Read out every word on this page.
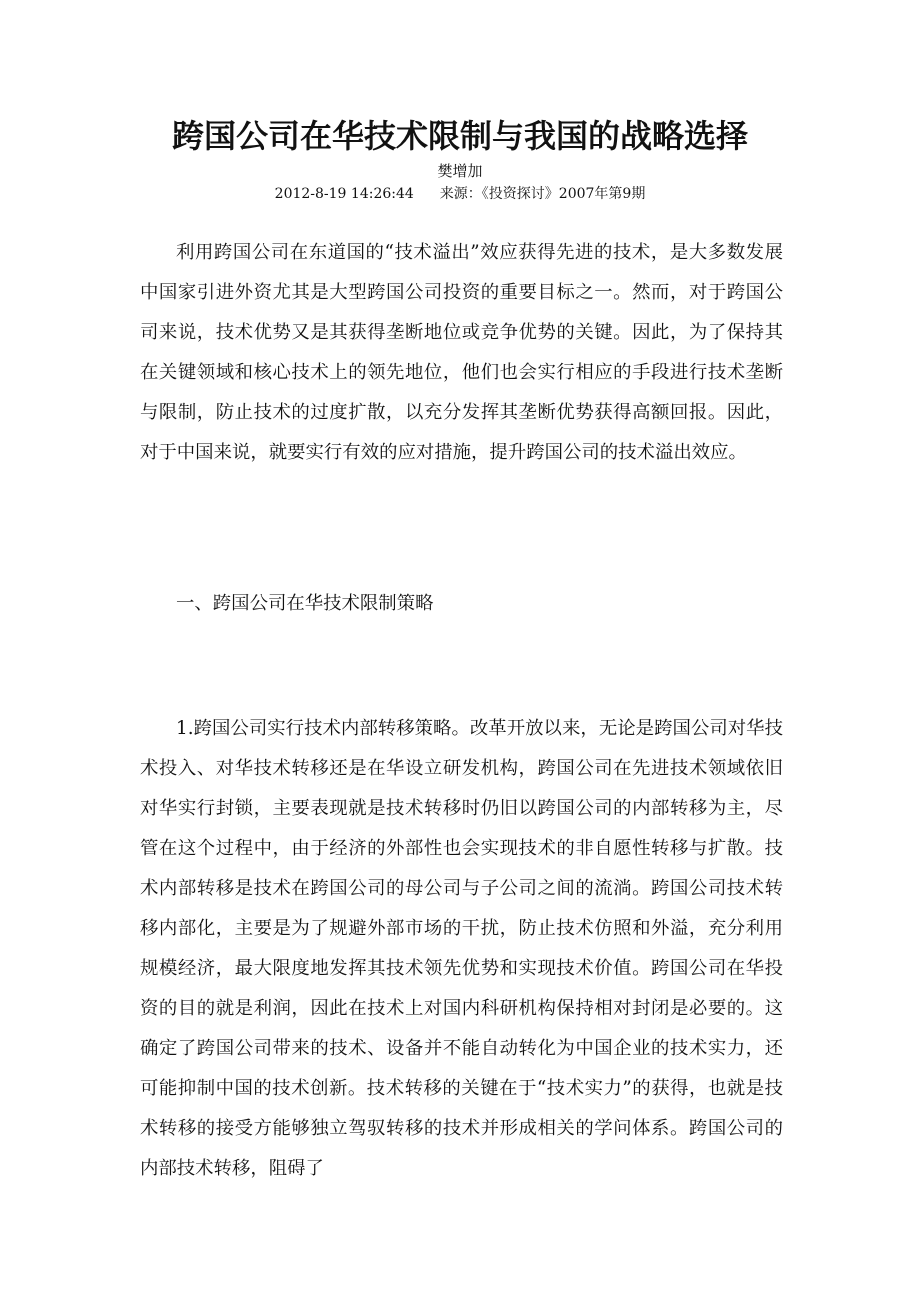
跨国公司在华技术限制与我国的战略选择
樊增加
2012-8-19 14:26:44 来源：《投资探讨》2007年第9期

利用跨国公司在东道国的“技术溢出”效应获得先进的技术，是大多数发展中国家引进外资尤其是大型跨国公司投资的重要目标之一。然而，对于跨国公司来说，技术优势又是其获得垄断地位或竞争优势的关键。因此，为了保持其在关键领域和核心技术上的领先地位，他们也会实行相应的手段进行技术垄断与限制，防止技术的过度扩散，以充分发挥其垄断优势获得高额回报。因此，对于中国来说，就要实行有效的应对措施，提升跨国公司的技术溢出效应。

一、跨国公司在华技术限制策略

1.跨国公司实行技术内部转移策略。改革开放以来，无论是跨国公司对华技术投入、对华技术转移还是在华设立研发机构，跨国公司在先进技术领域依旧对华实行封锁，主要表现就是技术转移时仍旧以跨国公司的内部转移为主，尽管在这个过程中，由于经济的外部性也会实现技术的非自愿性转移与扩散。技术内部转移是技术在跨国公司的母公司与子公司之间的流淌。跨国公司技术转移内部化，主要是为了规避外部市场的干扰，防止技术仿照和外溢，充分利用规模经济，最大限度地发挥其技术领先优势和实现技术价值。跨国公司在华投资的目的就是利润，因此在技术上对国内科研机构保持相对封闭是必要的。这确定了跨国公司带来的技术、设备并不能自动转化为中国企业的技术实力，还可能抑制中国的技术创新。技术转移的关键在于“技术实力”的获得，也就是技术转移的接受方能够独立驾驭转移的技术并形成相关的学问体系。跨国公司的内部技术转移，阻碍了
